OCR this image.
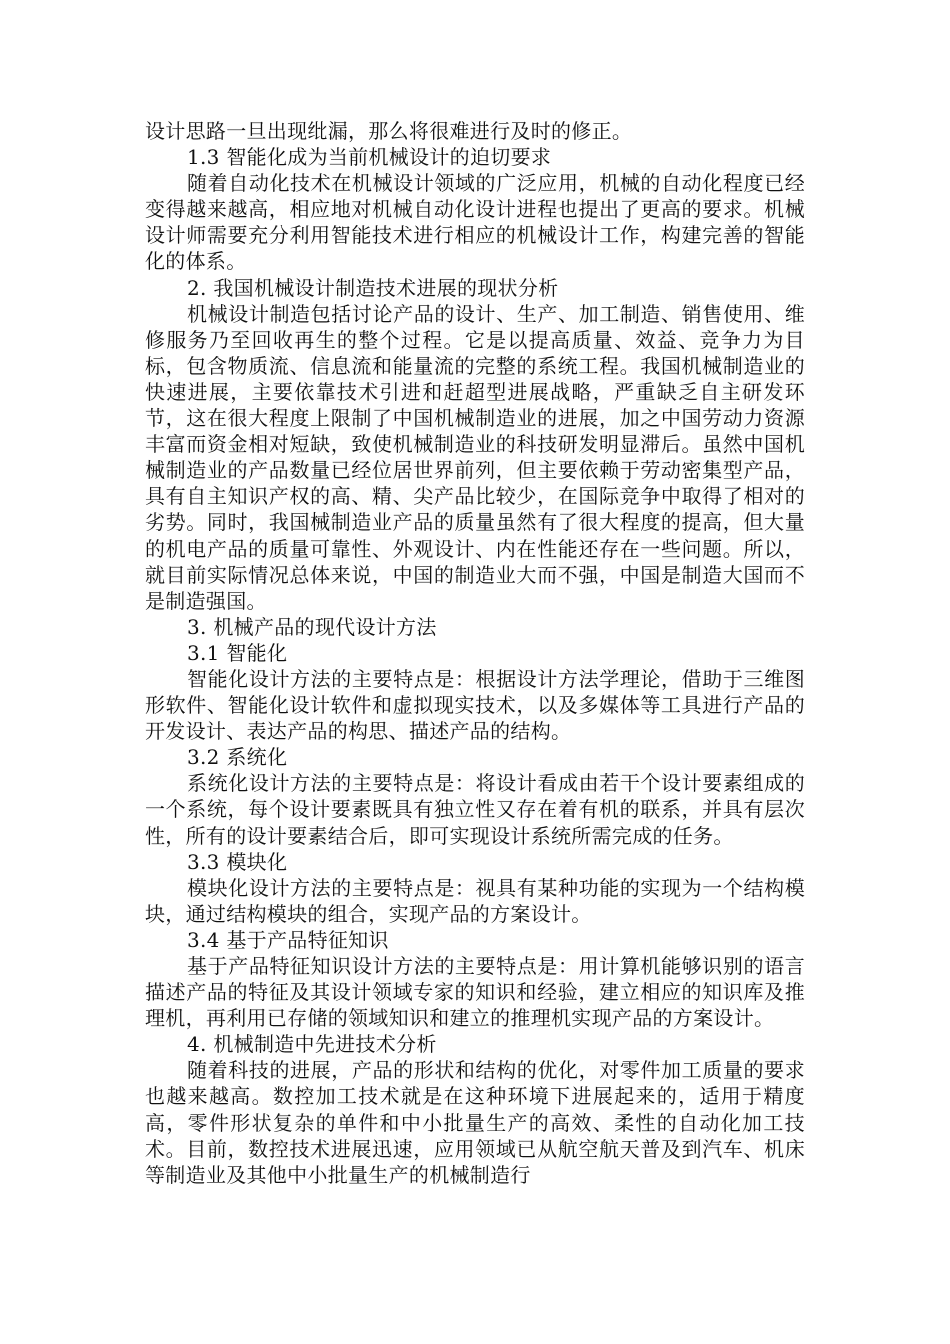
设计思路一旦出现纰漏，那么将很难进行及时的修正。

1.3 智能化成为当前机械设计的迫切要求

随着自动化技术在机械设计领域的广泛应用，机械的自动化程度已经变得越来越高，相应地对机械自动化设计进程也提出了更高的要求。机械设计师需要充分利用智能技术进行相应的机械设计工作，构建完善的智能化的体系。

2. 我国机械设计制造技术进展的现状分析

机械设计制造包括讨论产品的设计、生产、加工制造、销售使用、维修服务乃至回收再生的整个过程。它是以提高质量、效益、竞争力为目标，包含物质流、信息流和能量流的完整的系统工程。我国机械制造业的快速进展，主要依靠技术引进和赶超型进展战略，严重缺乏自主研发环节，这在很大程度上限制了中国机械制造业的进展，加之中国劳动力资源丰富而资金相对短缺，致使机械制造业的科技研发明显滞后。虽然中国机械制造业的产品数量已经位居世界前列，但主要依赖于劳动密集型产品，具有自主知识产权的高、精、尖产品比较少，在国际竞争中取得了相对的劣势。同时，我国械制造业产品的质量虽然有了很大程度的提高，但大量的机电产品的质量可靠性、外观设计、内在性能还存在一些问题。所以，就目前实际情况总体来说，中国的制造业大而不强，中国是制造大国而不是制造强国。

3. 机械产品的现代设计方法

3.1 智能化

智能化设计方法的主要特点是：根据设计方法学理论，借助于三维图形软件、智能化设计软件和虚拟现实技术，以及多媒体等工具进行产品的开发设计、表达产品的构思、描述产品的结构。

3.2 系统化

系统化设计方法的主要特点是：将设计看成由若干个设计要素组成的一个系统，每个设计要素既具有独立性又存在着有机的联系，并具有层次性，所有的设计要素结合后，即可实现设计系统所需完成的任务。

3.3 模块化

模块化设计方法的主要特点是：视具有某种功能的实现为一个结构模块，通过结构模块的组合，实现产品的方案设计。

3.4 基于产品特征知识

基于产品特征知识设计方法的主要特点是：用计算机能够识别的语言描述产品的特征及其设计领域专家的知识和经验，建立相应的知识库及推理机，再利用已存储的领域知识和建立的推理机实现产品的方案设计。

4. 机械制造中先进技术分析

随着科技的进展，产品的形状和结构的优化，对零件加工质量的要求也越来越高。数控加工技术就是在这种环境下进展起来的，适用于精度高，零件形状复杂的单件和中小批量生产的高效、柔性的自动化加工技术。目前，数控技术进展迅速，应用领域已从航空航天普及到汽车、机床等制造业及其他中小批量生产的机械制造行
